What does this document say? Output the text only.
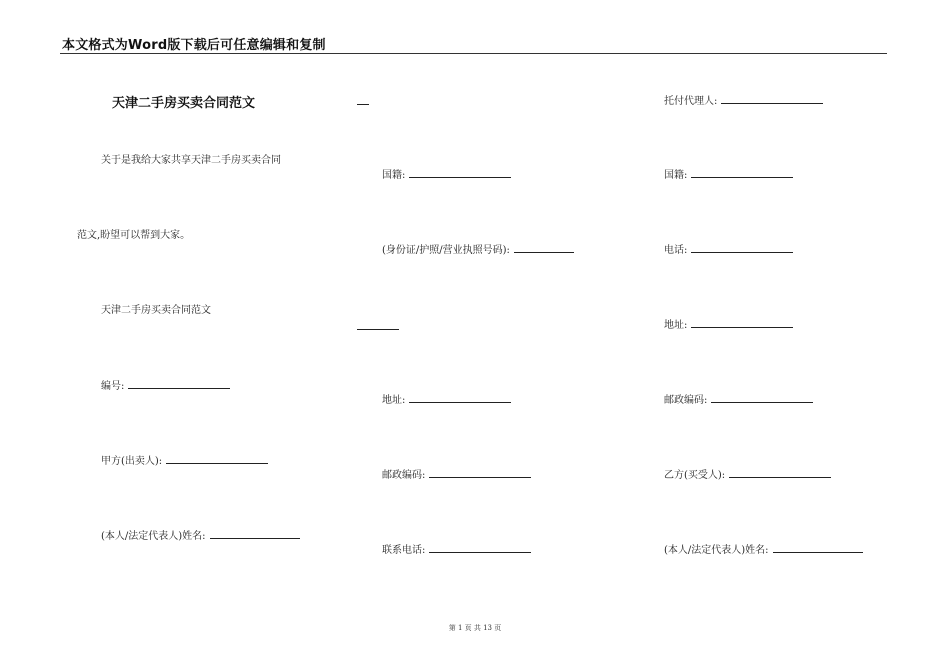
本文格式为Word版下载后可任意编辑和复制
天津二手房买卖合同范文
关于是我给大家共享天津二手房买卖合同
范文,盼望可以帮到大家。
天津二手房买卖合同范文
编号:
甲方(出卖人):
(本人/法定代表人)姓名:
国籍:
(身份证/护照/营业执照号码):
地址:
邮政编码:
联系电话:
托付代理人:
国籍:
电话:
地址:
邮政编码:
乙方(买受人):
(本人/法定代表人)姓名:
第 1 页 共 13 页
